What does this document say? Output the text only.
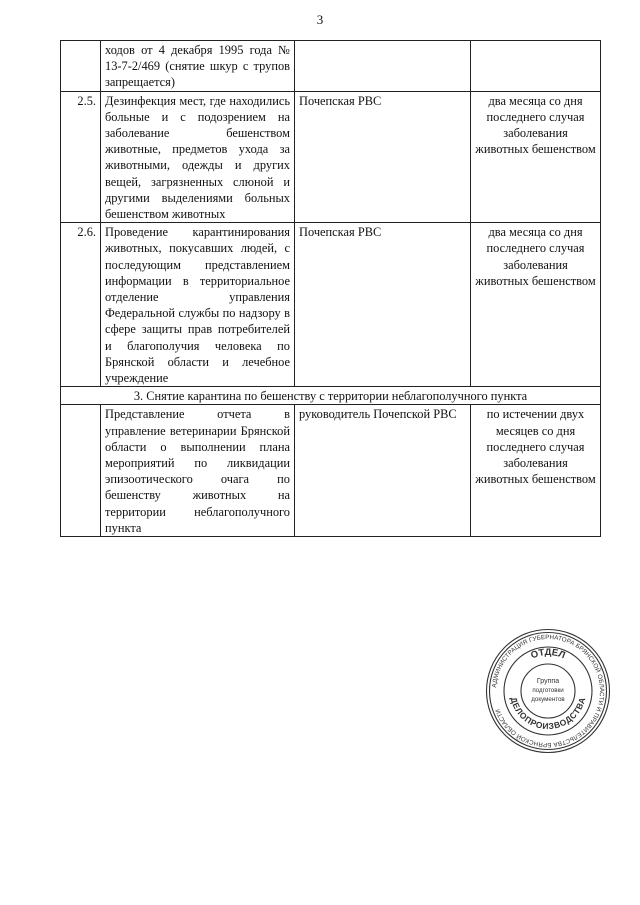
3
	ходов от 4 декабря 1995 года № 13-7-2/469 (снятие шкур с трупов запрещается)		
2.5.	Дезинфекция мест, где находились больные и с подозрением на заболевание бешенством животные, предметов ухода за животными, одежды и других вещей, загрязненных слюной и другими выделениями больных бешенством животных	Почепская РВС	два месяца со дня последнего случая заболевания животных бешенством
2.6.	Проведение карантинирования животных, покусавших людей, с последующим представлением информации в территориальное отделение управления Федеральной службы по надзору в сфере защиты прав потребителей и благополучия человека по Брянской области и лечебное учреждение	Почепская РВС	два месяца со дня последнего случая заболевания животных бешенством
3. Снятие карантина по бешенству с территории неблагополучного пункта			
	Представление отчета в управление ветеринарии Брянской области о выполнении плана мероприятий по ликвидации эпизоотического очага по бешенству животных на территории неблагополучного пункта	руководитель Почепской РВС	по истечении двух месяцев со дня последнего случая заболевания животных бешенством
АДМИНИСТРАЦИЯ ГУБЕРНАТОРА БРЯНСКОЙ ОБЛАСТИ И ПРАВИТЕЛЬСТВА БРЯНСКОЙ ОБЛАСТИ
ОТДЕЛ
ДЕЛОПРОИЗВОДСТВА
Группа
подготовки
документов
